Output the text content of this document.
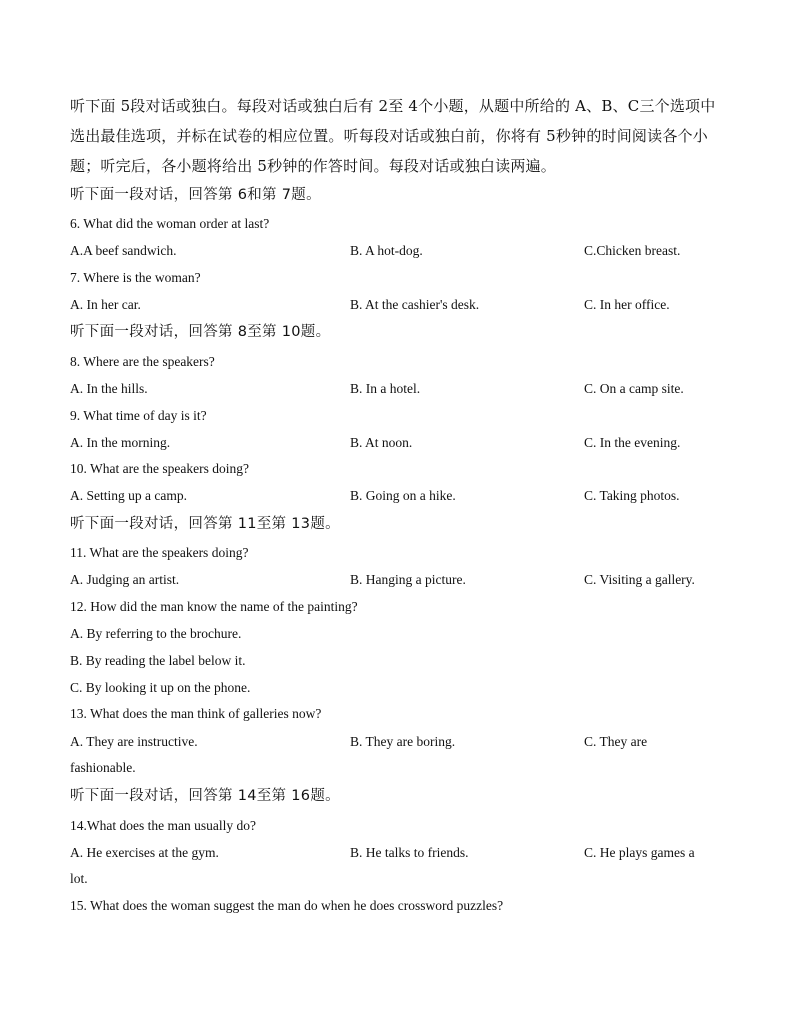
听下面 5段对话或独白。每段对话或独白后有 2至 4个小题，从题中所给的 A、B、C三个选项中选出最佳选项，并标在试卷的相应位置。听每段对话或独白前，你将有 5秒钟的时间阅读各个小题；听完后，各小题将给出 5秒钟的作答时间。每段对话或独白读两遍。
听下面一段对话，回答第 6和第 7题。
6. What did the woman order at last?
A.A beef sandwich.	B. A hot-dog.	C.Chicken breast.
7. Where is the woman?
A. In her car.	B. At the cashier's desk.	C. In her office.
听下面一段对话，回答第 8至第 10题。
8. Where are the speakers?
A. In the hills.	B. In a hotel.	C. On a camp site.
9. What time of day is it?
A. In the morning.	B. At noon.	C. In the evening.
10. What are the speakers doing?
A. Setting up a camp.	B. Going on a hike.	C. Taking photos.
听下面一段对话，回答第 11至第 13题。
11. What are the speakers doing?
A. Judging an artist.	B. Hanging a picture.	C. Visiting a gallery.
12. How did the man know the name of the painting?
A. By referring to the brochure.
B. By reading the label below it.
C. By looking it up on the phone.
13. What does the man think of galleries now?
A. They are instructive.	B. They are boring.	C. They are
fashionable.
听下面一段对话，回答第 14至第 16题。
14.What does the man usually do?
A. He exercises at the gym.	B. He talks to friends.	C. He plays games a
lot.
15. What does the woman suggest the man do when he does crossword puzzles?
